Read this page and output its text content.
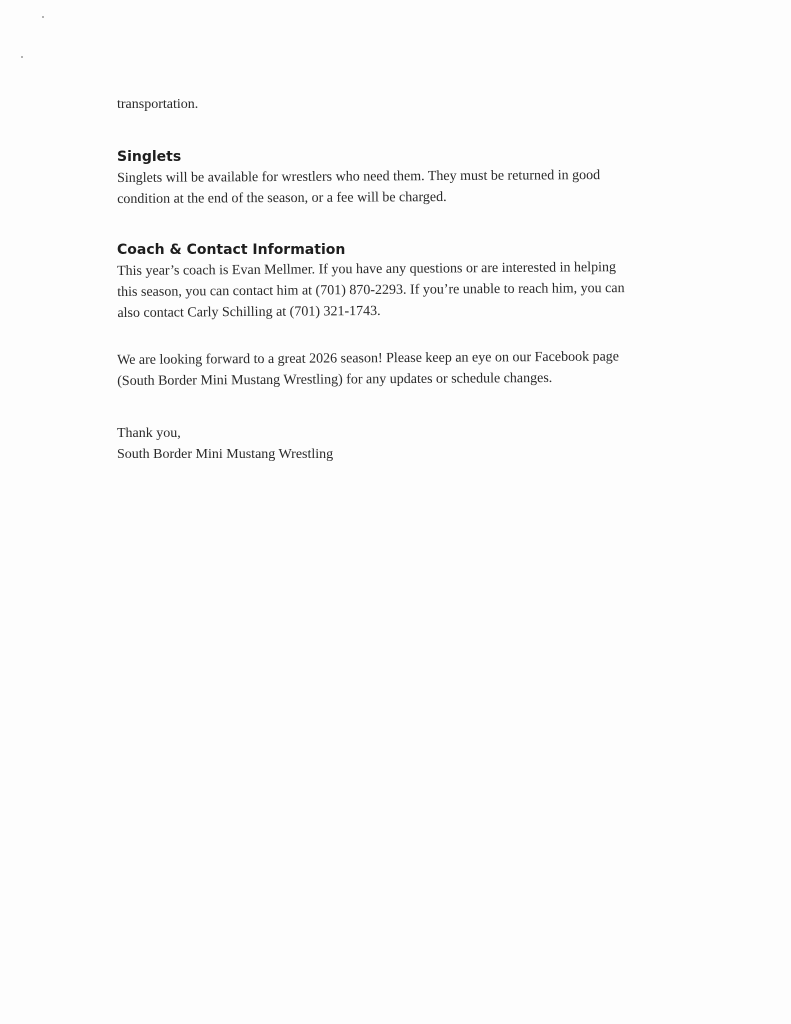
transportation.

Singlets

Singlets will be available for wrestlers who need them. They must be returned in good
condition at the end of the season, or a fee will be charged.

Coach & Contact Information

This year’s coach is Evan Mellmer. If you have any questions or are interested in helping
this season, you can contact him at (701) 870-2293. If you’re unable to reach him, you can
also contact Carly Schilling at (701) 321-1743.

We are looking forward to a great 2026 season! Please keep an eye on our Facebook page
(South Border Mini Mustang Wrestling) for any updates or schedule changes.

Thank you,
South Border Mini Mustang Wrestling
